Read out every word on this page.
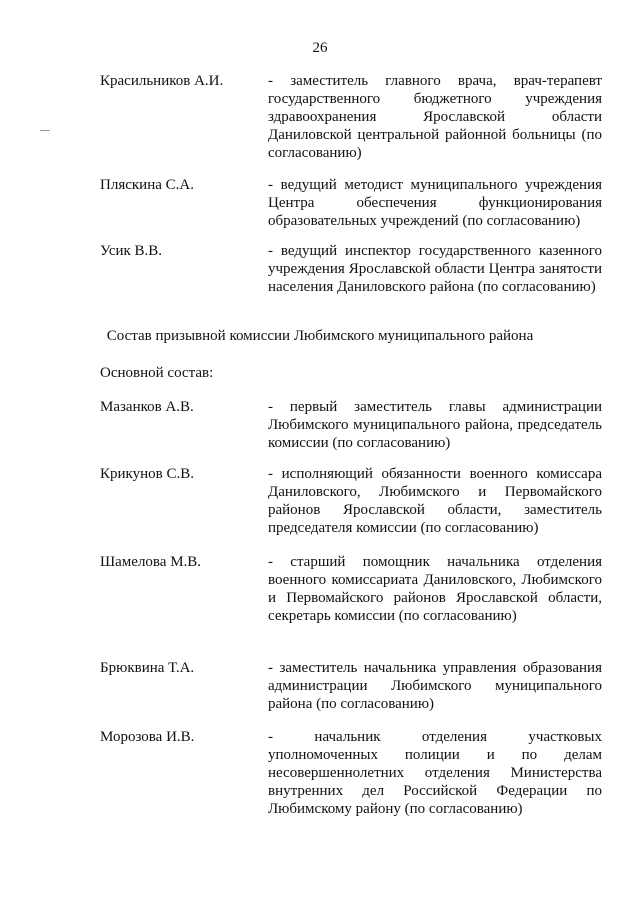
26
Красильников А.И.	- заместитель главного врача, врач-терапевт государственного бюджетного учреждения здравоохранения Ярославской области Даниловской центральной районной больницы (по согласованию)
Пляскина С.А.	- ведущий методист муниципального учреждения Центра обеспечения функционирования образовательных учреждений (по согласованию)
Усик В.В.	- ведущий инспектор государственного казенного учреждения Ярославской области Центра занятости населения Даниловского района (по согласованию)
Состав призывной комиссии Любимского муниципального района
Основной состав:
Мазанков А.В.	- первый заместитель главы администрации Любимского муниципального района, председатель комиссии (по согласованию)
Крикунов С.В.	- исполняющий обязанности военного комиссара Даниловского, Любимского и Первомайского районов Ярославской области, заместитель председателя комиссии (по согласованию)
Шамелова М.В.	- старший помощник начальника отделения военного комиссариата Даниловского, Любимского и Первомайского районов Ярославской области, секретарь комиссии (по согласованию)
Брюквина Т.А.	- заместитель начальника управления образования администрации Любимского муниципального района (по согласованию)
Морозова И.В.	- начальник отделения участковых уполномоченных полиции и по делам несовершеннолетних отделения Министерства внутренних дел Российской Федерации по Любимскому району (по согласованию)
